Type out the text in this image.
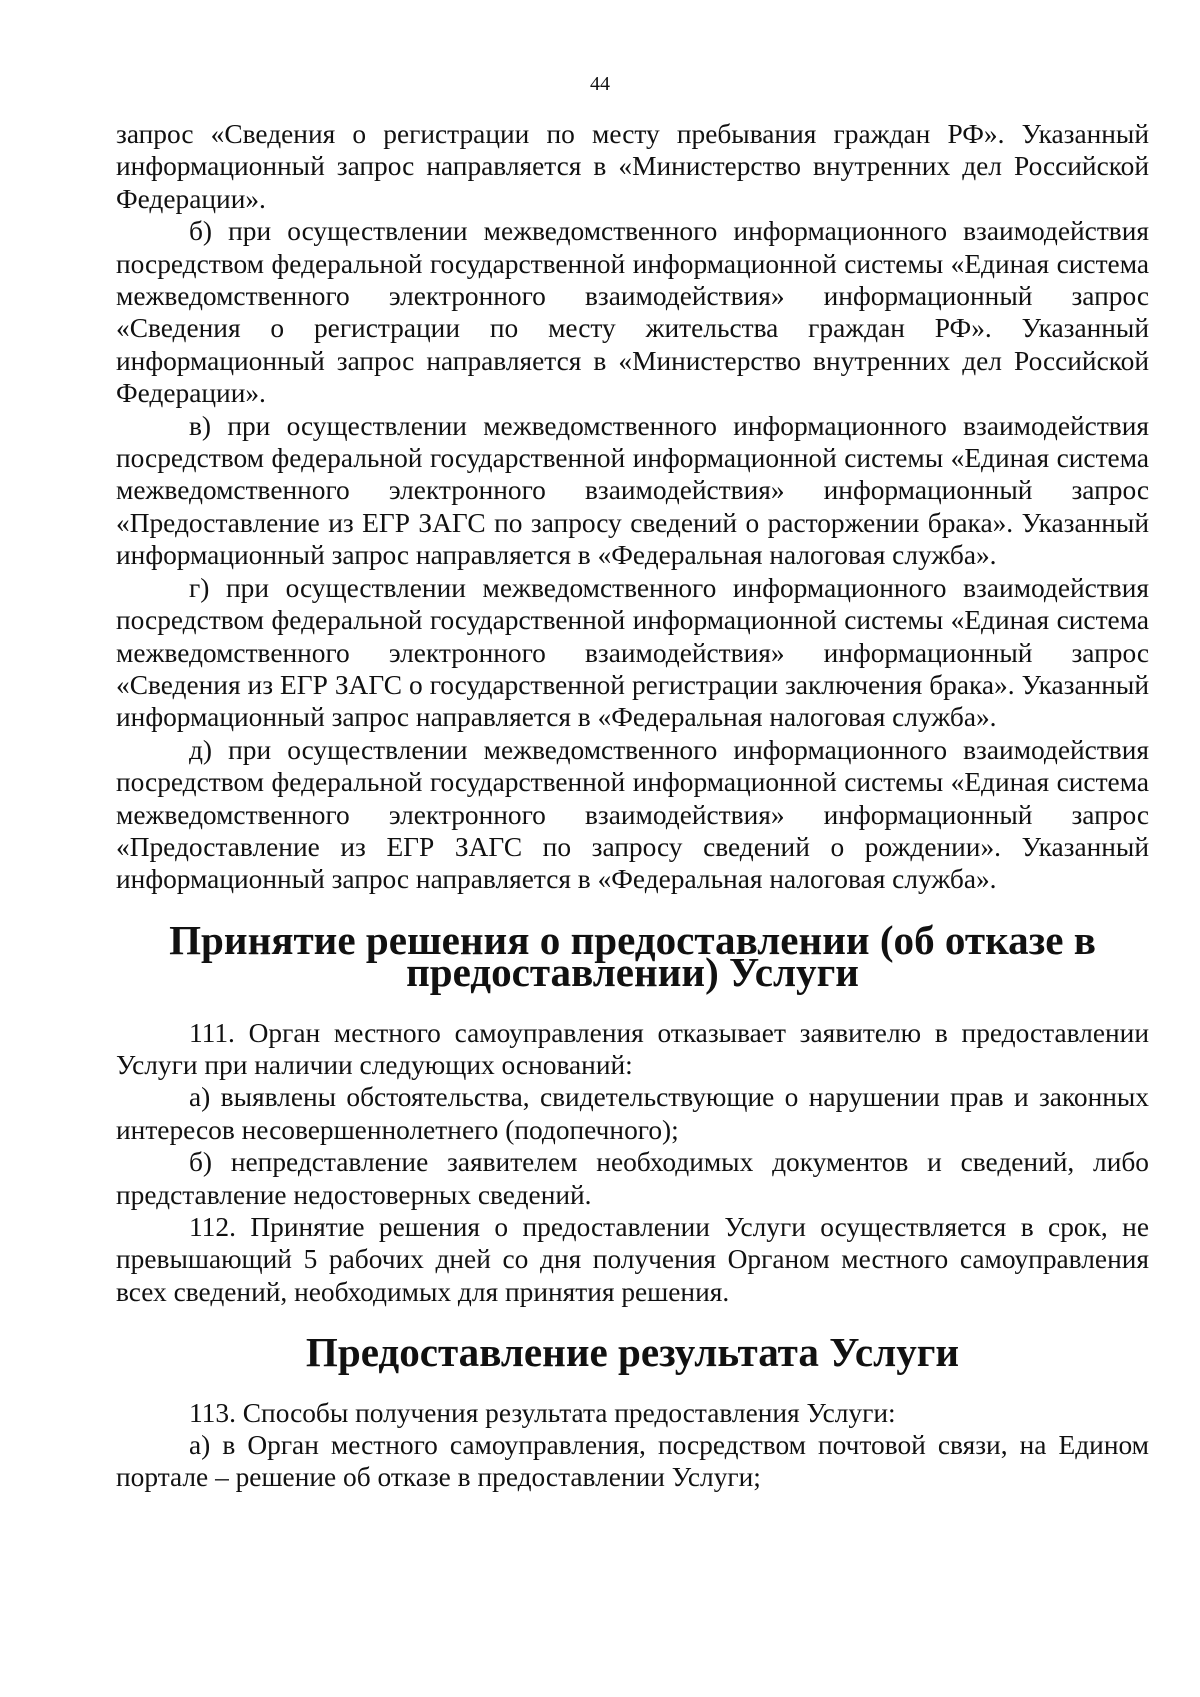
44

запрос «Сведения о регистрации по месту пребывания граждан РФ». Указанный информационный запрос направляется в «Министерство внутренних дел Российской Федерации».

б) при осуществлении межведомственного информационного взаимодействия посредством федеральной государственной информационной системы «Единая система межведомственного электронного взаимодействия» информационный запрос «Сведения о регистрации по месту жительства граждан РФ». Указанный информационный запрос направляется в «Министерство внутренних дел Российской Федерации».

в) при осуществлении межведомственного информационного взаимодействия посредством федеральной государственной информационной системы «Единая система межведомственного электронного взаимодействия» информационный запрос «Предоставление из ЕГР ЗАГС по запросу сведений о расторжении брака». Указанный информационный запрос направляется в «Федеральная налоговая служба».

г) при осуществлении межведомственного информационного взаимодействия посредством федеральной государственной информационной системы «Единая система межведомственного электронного взаимодействия» информационный запрос «Сведения из ЕГР ЗАГС о государственной регистрации заключения брака». Указанный информационный запрос направляется в «Федеральная налоговая служба».

д) при осуществлении межведомственного информационного взаимодействия посредством федеральной государственной информационной системы «Единая система межведомственного электронного взаимодействия» информационный запрос «Предоставление из ЕГР ЗАГС по запросу сведений о рождении». Указанный информационный запрос направляется в «Федеральная налоговая служба».

Принятие решения о предоставлении (об отказе в предоставлении) Услуги

111. Орган местного самоуправления отказывает заявителю в предоставлении Услуги при наличии следующих оснований:

а) выявлены обстоятельства, свидетельствующие о нарушении прав и законных интересов несовершеннолетнего (подопечного);

б) непредставление заявителем необходимых документов и сведений, либо представление недостоверных сведений.

112. Принятие решения о предоставлении Услуги осуществляется в срок, не превышающий 5 рабочих дней со дня получения Органом местного самоуправления всех сведений, необходимых для принятия решения.

Предоставление результата Услуги

113. Способы получения результата предоставления Услуги:

а) в Орган местного самоуправления, посредством почтовой связи, на Едином портале – решение об отказе в предоставлении Услуги;
